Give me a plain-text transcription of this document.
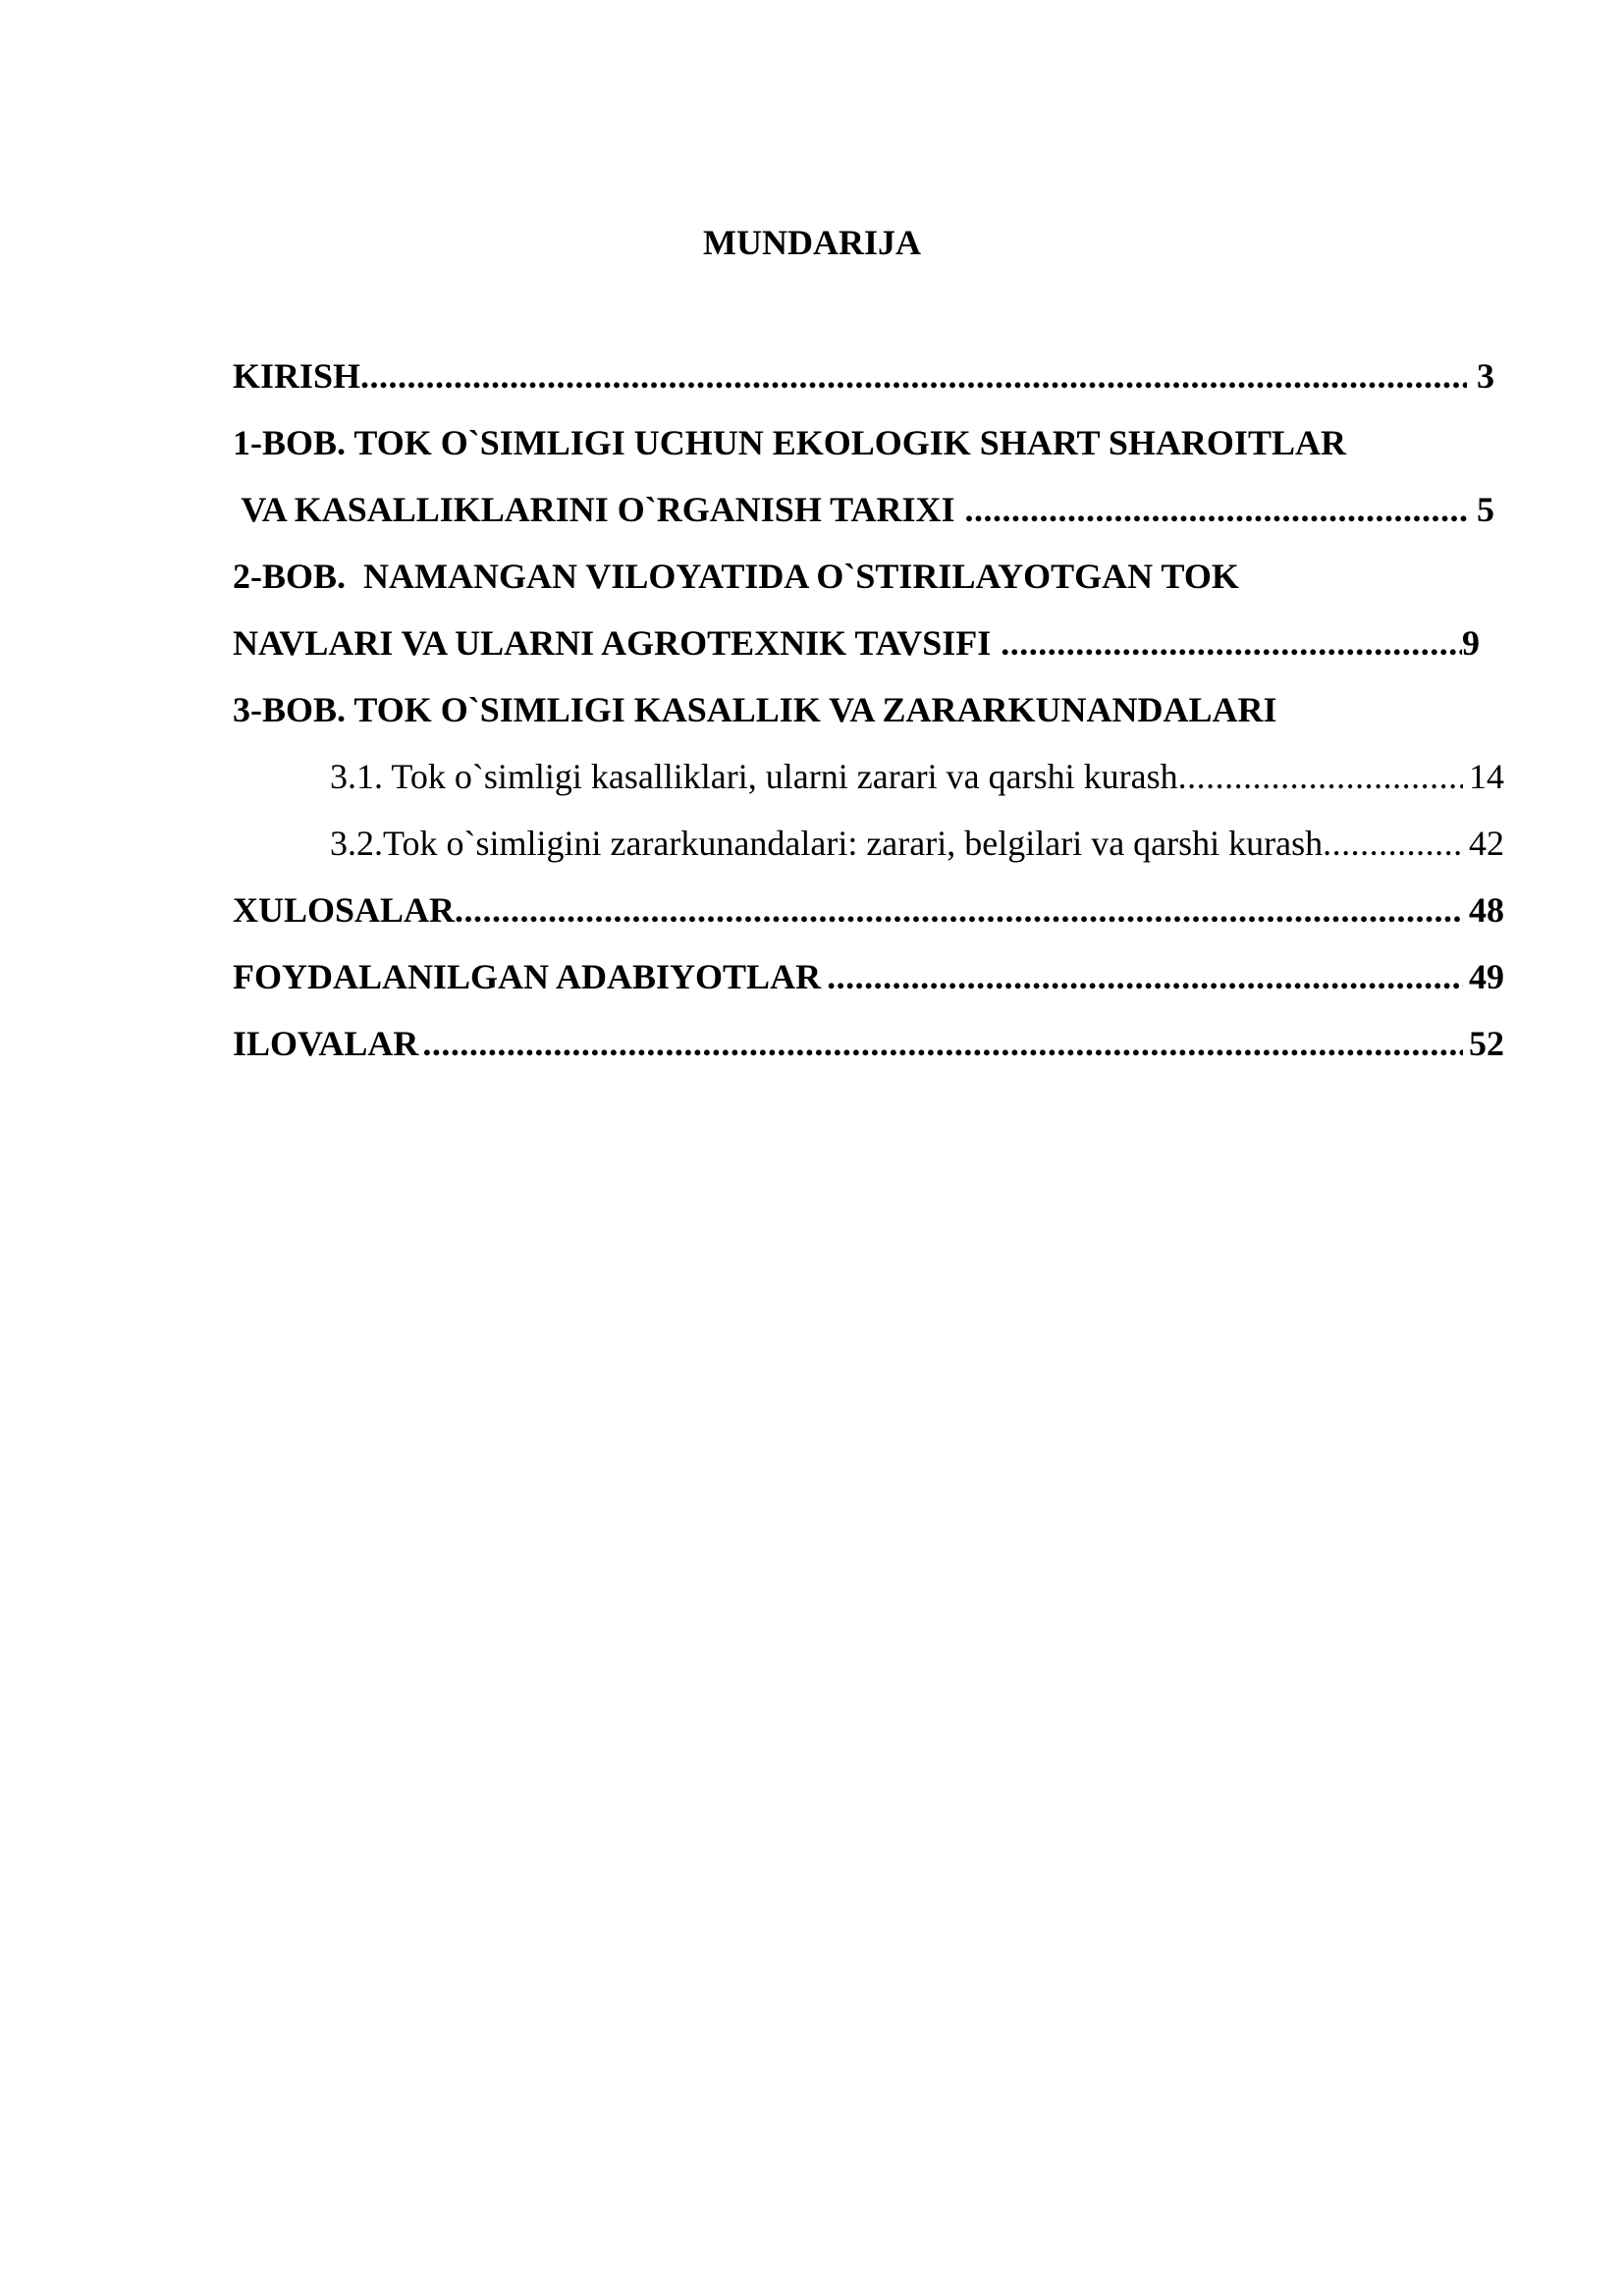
MUNDARIJA
KIRISH .....	3
1-BOB. TOK O`SIMLIGI UCHUN EKOLOGIK SHART SHAROITLAR
VA KASALLIKLARINI O`RGANISH TARIXI .....	5
2-BOB.  NAMANGAN VILOYATIDA O`STIRILAYOTGAN TOK
NAVLARI VA ULARNI AGROTEXNIK TAVSIFI .....	9
3-BOB. TOK O`SIMLIGI KASALLIK VA ZARARKUNANDALARI
3.1. Tok o`simligi kasalliklari, ularni zarari va qarshi kurash .....	14
3.2.Tok o`simligini zararkunandalari: zarari, belgilari va qarshi kurash .....	42
XULOSALAR .....	48
FOYDALANILGAN ADABIYOTLAR .....	49
ILOVALAR .....	52
